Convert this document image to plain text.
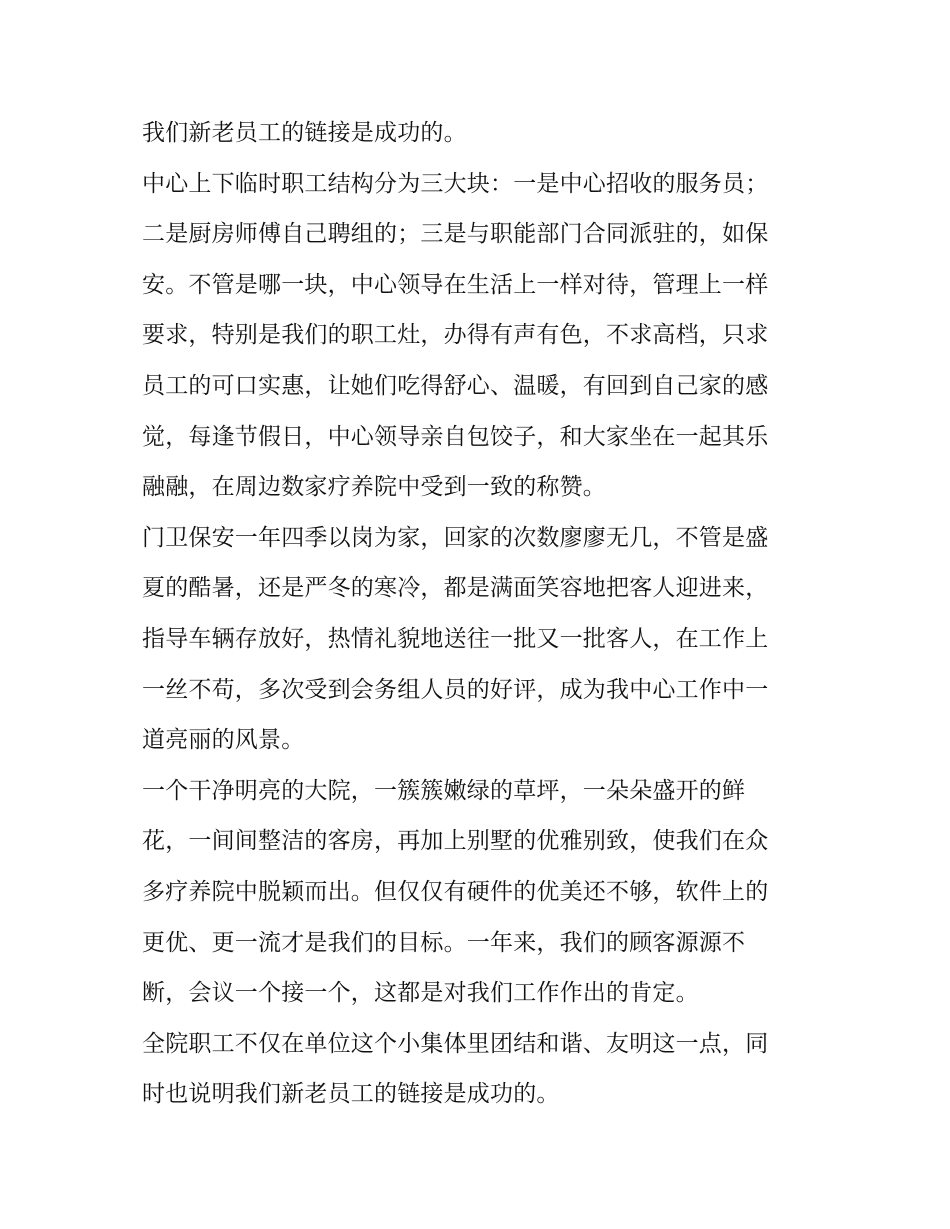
我们新老员工的链接是成功的。
中心上下临时职工结构分为三大块：一是中心招收的服务员；
二是厨房师傅自己聘组的；三是与职能部门合同派驻的，如保
安。不管是哪一块，中心领导在生活上一样对待，管理上一样
要求，特别是我们的职工灶，办得有声有色，不求高档，只求
员工的可口实惠，让她们吃得舒心、温暖，有回到自己家的感
觉，每逢节假日，中心领导亲自包饺子，和大家坐在一起其乐
融融，在周边数家疗养院中受到一致的称赞。
门卫保安一年四季以岗为家，回家的次数廖廖无几，不管是盛
夏的酷暑，还是严冬的寒冷，都是满面笑容地把客人迎进来，
指导车辆存放好，热情礼貌地送往一批又一批客人，在工作上
一丝不苟，多次受到会务组人员的好评，成为我中心工作中一
道亮丽的风景。
一个干净明亮的大院，一簇簇嫩绿的草坪，一朵朵盛开的鲜
花，一间间整洁的客房，再加上别墅的优雅别致，使我们在众
多疗养院中脱颖而出。但仅仅有硬件的优美还不够，软件上的
更优、更一流才是我们的目标。一年来，我们的顾客源源不
断，会议一个接一个，这都是对我们工作作出的肯定。
全院职工不仅在单位这个小集体里团结和谐、友明这一点，同
时也说明我们新老员工的链接是成功的。
